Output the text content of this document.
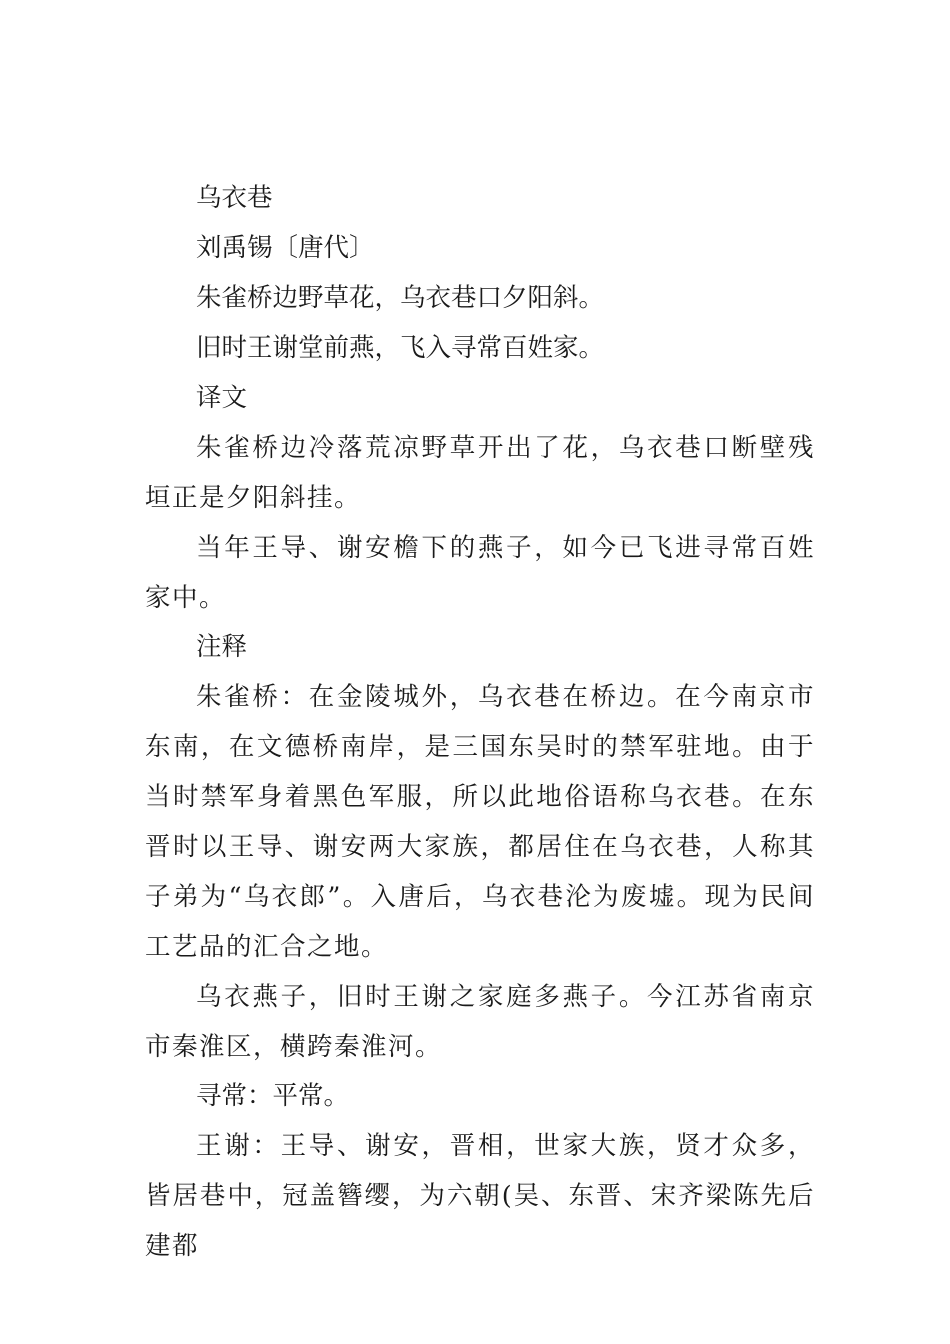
乌衣巷

刘禹锡〔唐代〕

朱雀桥边野草花，乌衣巷口夕阳斜。

旧时王谢堂前燕，飞入寻常百姓家。

译文

朱雀桥边冷落荒凉野草开出了花，乌衣巷口断壁残垣正是夕阳斜挂。

当年王导、谢安檐下的燕子，如今已飞进寻常百姓家中。

注释

朱雀桥：在金陵城外，乌衣巷在桥边。在今南京市东南，在文德桥南岸，是三国东吴时的禁军驻地。由于当时禁军身着黑色军服，所以此地俗语称乌衣巷。在东晋时以王导、谢安两大家族，都居住在乌衣巷，人称其子弟为“乌衣郎”。入唐后，乌衣巷沦为废墟。现为民间工艺品的汇合之地。

乌衣燕子，旧时王谢之家庭多燕子。今江苏省南京市秦淮区，横跨秦淮河。

寻常：平常。

王谢：王导、谢安，晋相，世家大族，贤才众多，皆居巷中，冠盖簪缨，为六朝(吴、东晋、宋齐梁陈先后建都
